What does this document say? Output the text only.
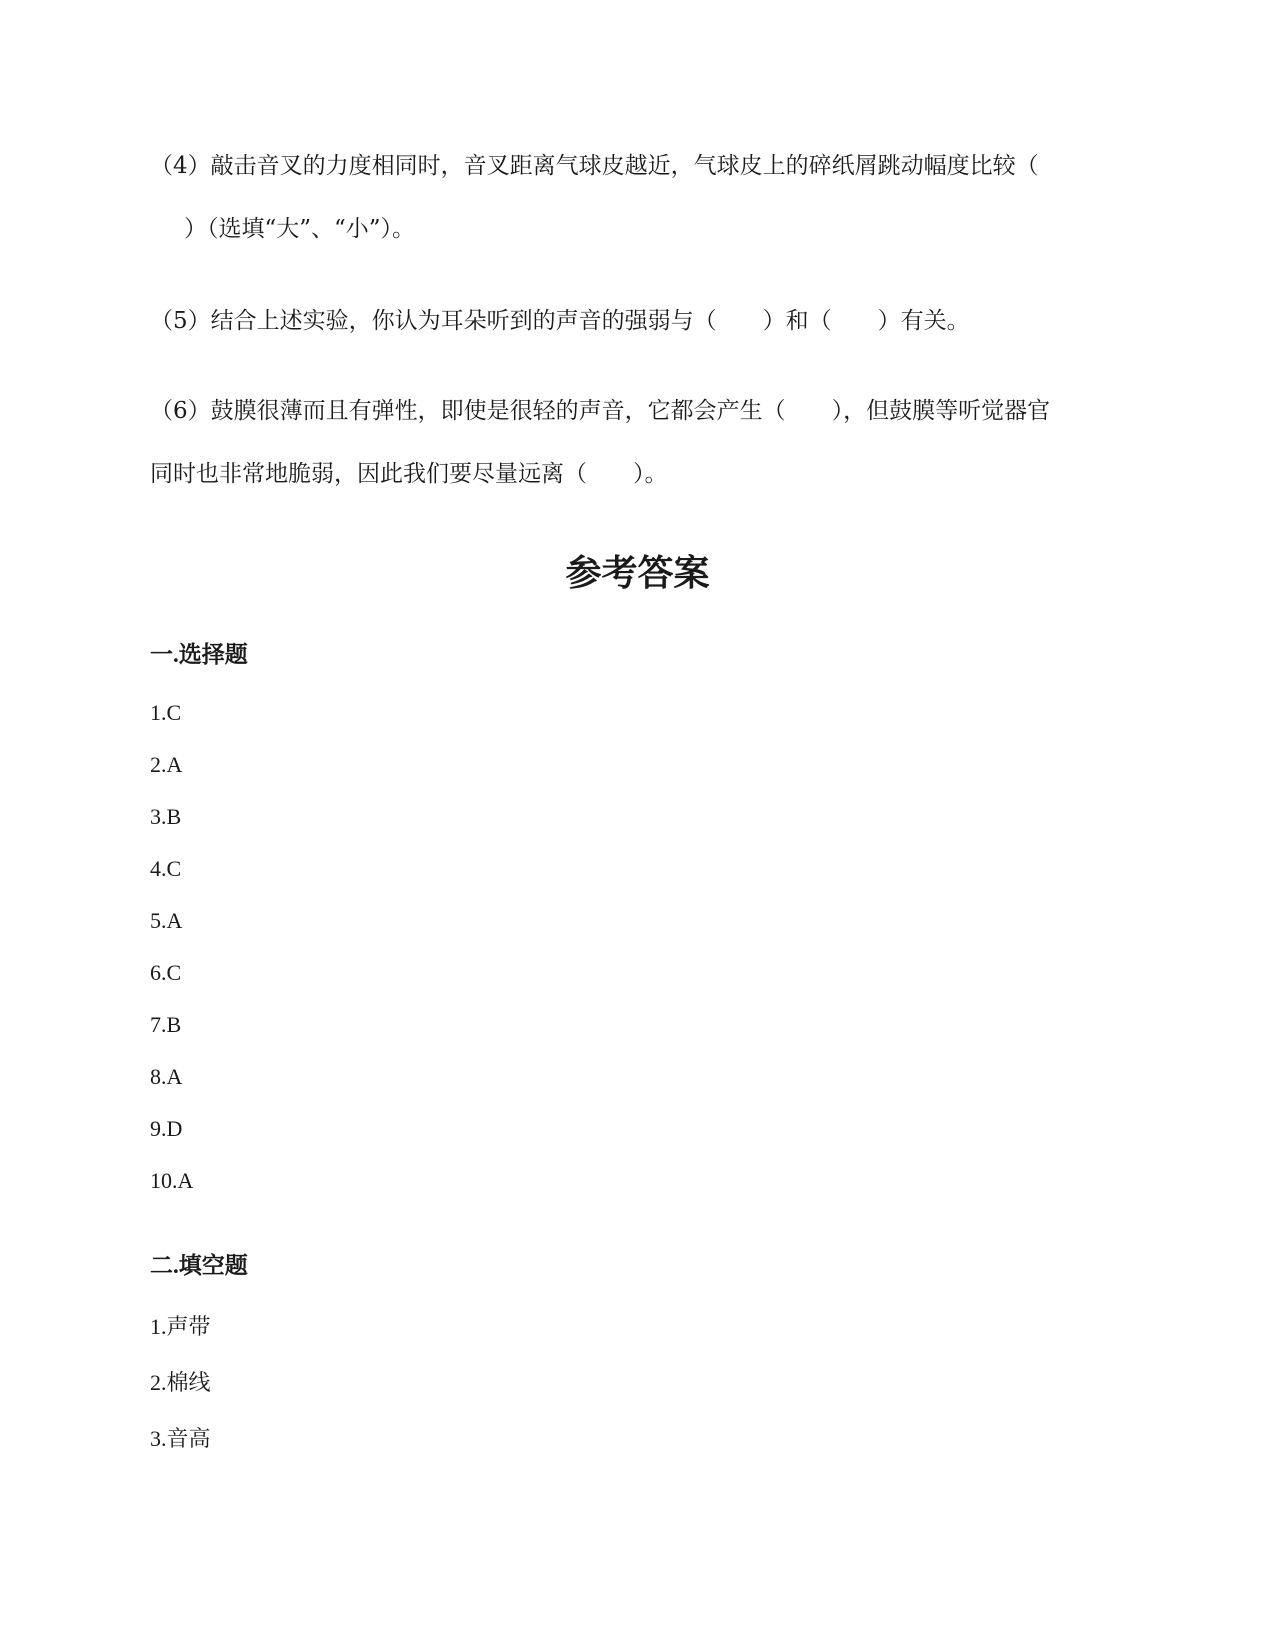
（4）敲击音叉的力度相同时，音叉距离气球皮越近，气球皮上的碎纸屑跳动幅度比较（

）（选填“大”、“小”）。

（5）结合上述实验，你认为耳朵听到的声音的强弱与（　　）和（　　）有关。

（6）鼓膜很薄而且有弹性，即使是很轻的声音，它都会产生（　　），但鼓膜等听觉器官

同时也非常地脆弱，因此我们要尽量远离（　　）。

参考答案
一.选择题

1.C

2.A

3.B

4.C

5.A

6.C

7.B

8.A

9.D

10.A

二.填空题

1.声带

2.棉线

3.音高
